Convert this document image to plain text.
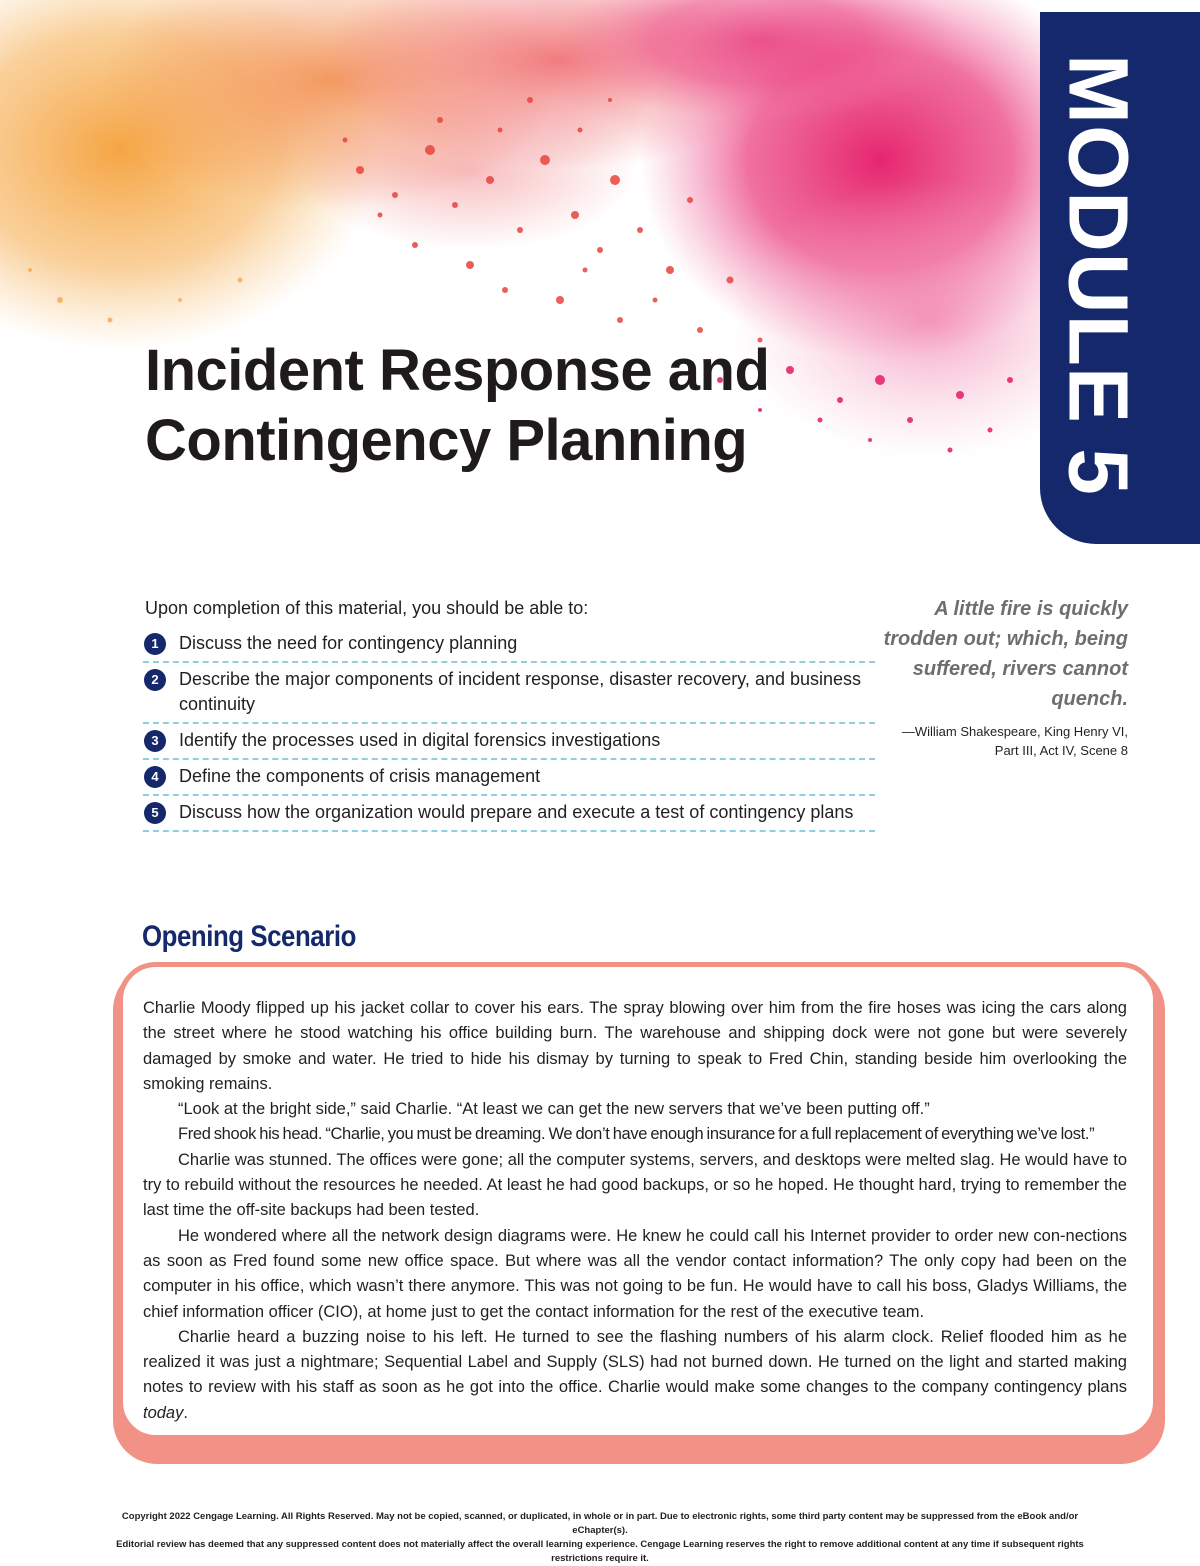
MODULE 5
Incident Response and
Contingency Planning

Upon completion of this material, you should be able to:

1	Discuss the need for contingency planning
2	Describe the major components of incident response, disaster recovery, and business continuity
3	Identify the processes used in digital forensics investigations
4	Define the components of crisis management
5	Discuss how the organization would prepare and execute a test of contingency plans

A little fire is quickly trodden out; which, being suffered, rivers cannot quench.

—William Shakespeare, King Henry VI, Part III, Act IV, Scene 8

Opening Scenario

Charlie Moody flipped up his jacket collar to cover his ears. The spray blowing over him from the fire hoses was icing the cars along the street where he stood watching his office building burn. The warehouse and shipping dock were not gone but were severely damaged by smoke and water. He tried to hide his dismay by turning to speak to Fred Chin, standing beside him overlooking the smoking remains.

“Look at the bright side,” said Charlie. “At least we can get the new servers that we’ve been putting off.”

Fred shook his head. “Charlie, you must be dreaming. We don’t have enough insurance for a full replacement of everything we’ve lost.”

Charlie was stunned. The offices were gone; all the computer systems, servers, and desktops were melted slag. He would have to try to rebuild without the resources he needed. At least he had good backups, or so he hoped. He thought hard, trying to remember the last time the off-site backups had been tested.

He wondered where all the network design diagrams were. He knew he could call his Internet provider to order new con-nections as soon as Fred found some new office space. But where was all the vendor contact information? The only copy had been on the computer in his office, which wasn’t there anymore. This was not going to be fun. He would have to call his boss, Gladys Williams, the chief information officer (CIO), at home just to get the contact information for the rest of the executive team.

Charlie heard a buzzing noise to his left. He turned to see the flashing numbers of his alarm clock. Relief flooded him as he realized it was just a nightmare; Sequential Label and Supply (SLS) had not burned down. He turned on the light and started making notes to review with his staff as soon as he got into the office. Charlie would make some changes to the company contingency plans today.

Copyright 2022 Cengage Learning. All Rights Reserved. May not be copied, scanned, or duplicated, in whole or in part. Due to electronic rights, some third party content may be suppressed from the eBook and/or eChapter(s).

Editorial review has deemed that any suppressed content does not materially affect the overall learning experience. Cengage Learning reserves the right to remove additional content at any time if subsequent rights restrictions require it.
